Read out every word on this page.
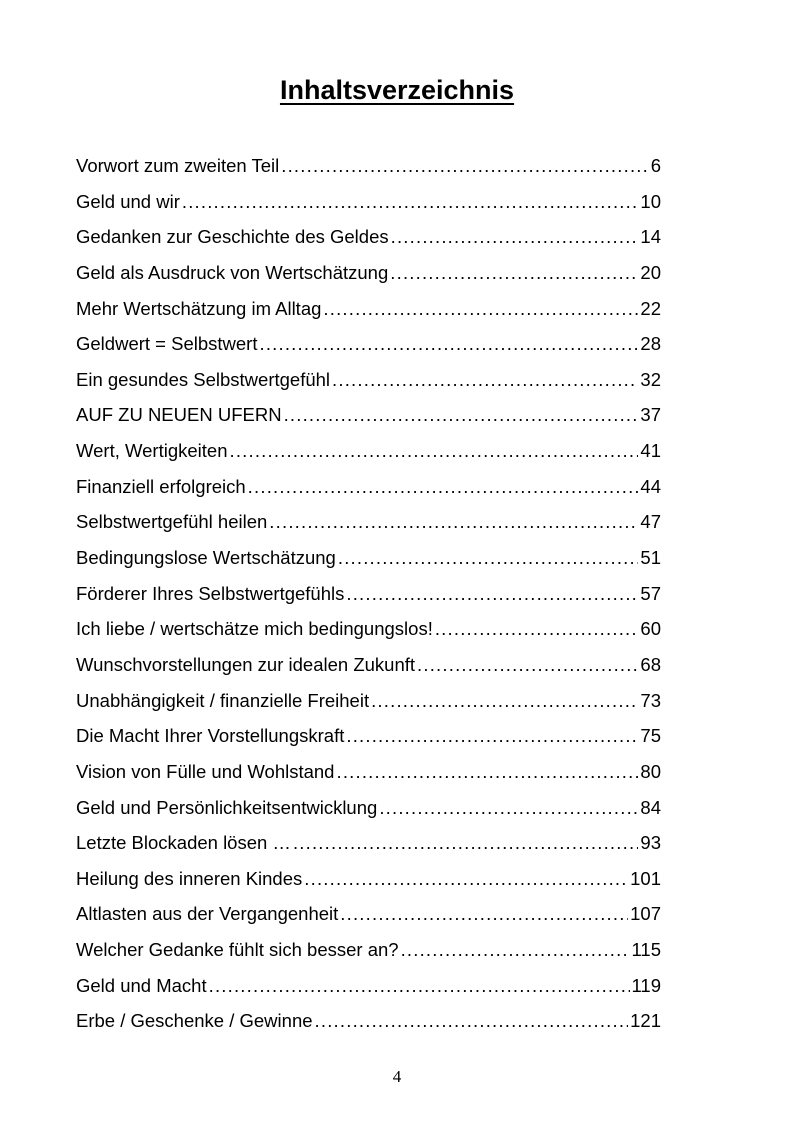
Inhaltsverzeichnis
Vorwort zum zweiten Teil .....	6
Geld und wir .....	10
Gedanken zur Geschichte des Geldes .....	14
Geld als Ausdruck von Wertschätzung .....	20
Mehr Wertschätzung im Alltag .....	22
Geldwert = Selbstwert .....	28
Ein gesundes Selbstwertgefühl .....	32
AUF ZU NEUEN UFERN .....	37
Wert, Wertigkeiten .....	41
Finanziell erfolgreich .....	44
Selbstwertgefühl heilen .....	47
Bedingungslose Wertschätzung .....	51
Förderer Ihres Selbstwertgefühls .....	57
Ich liebe / wertschätze mich bedingungslos! .....	60
Wunschvorstellungen zur idealen Zukunft .....	68
Unabhängigkeit / finanzielle Freiheit .....	73
Die Macht Ihrer Vorstellungskraft .....	75
Vision von Fülle und Wohlstand .....	80
Geld und Persönlichkeitsentwicklung .....	84
Letzte Blockaden lösen … .....	93
Heilung des inneren Kindes .....	101
Altlasten aus der Vergangenheit .....	107
Welcher Gedanke fühlt sich besser an? .....	115
Geld und Macht .....	119
Erbe / Geschenke / Gewinne .....	121
4
